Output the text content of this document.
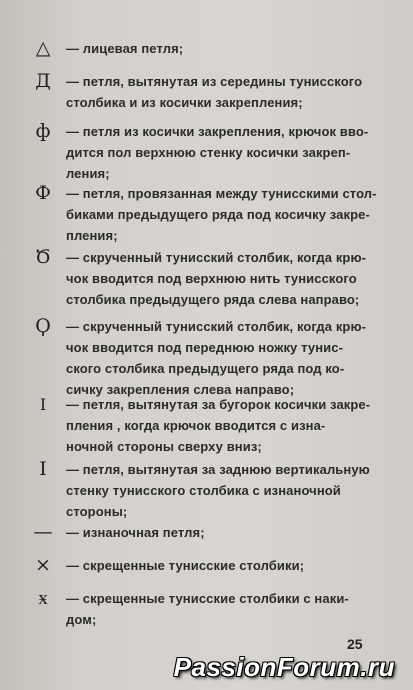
△	— лицевая петля;
Д	— петля, вытянутая из середины тунисского
столбика и из косички закрепления;
ф	— петля из косички закрепления, крючок вво-
дится пол верхнюю стенку косички закреп-
ления;
Ф	— петля, провязанная между тунисскими стол-
биками предыдущего ряда под косичку закре-
пления;
Ծ	— скрученный тунисский столбик, когда крю-
чок вводится под верхнюю нить тунисского
столбика предыдущего ряда слева направо;
Ϙ	— скрученный тунисский столбик, когда крю-
чок вводится под переднюю ножку тунис-
ского столбика предыдущего ряда под ко-
сичку закрепления слева направо;
I	— петля, вытянутая за бугорок косички закре-
пления , когда крючок вводится с изна-
ночной стороны сверху вниз;
I	— петля, вытянутая за заднюю вертикальную
стенку тунисского столбика с изнаночной
стороны;
— — изнаночная петля;
×	— скрещенные тунисские столбики;
ӿ	— скрещенные тунисские столбики с наки-
дом;
25
PassionForum.ru
